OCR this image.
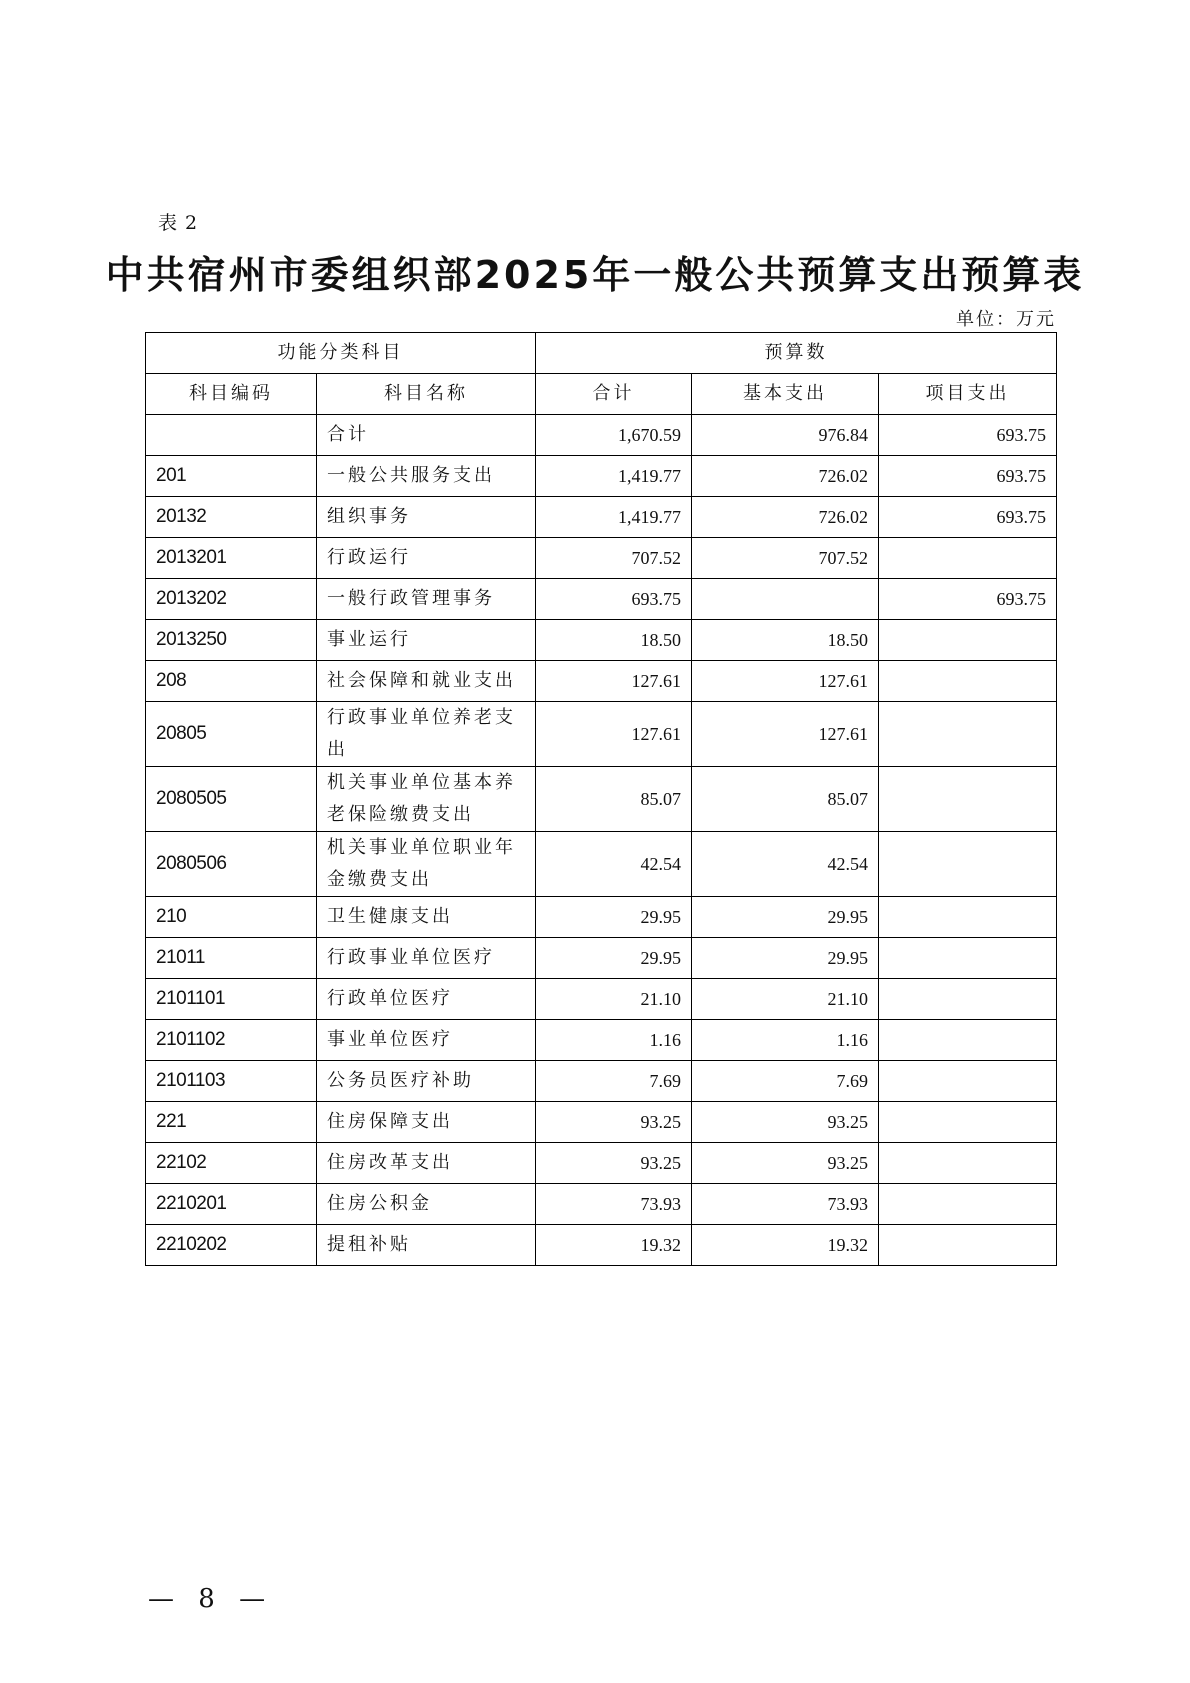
表 2
中共宿州市委组织部2025年一般公共预算支出预算表
单位：万元
功能分类科目		预算数		
科目编码	科目名称	合计	基本支出	项目支出
	合计	1,670.59	976.84	693.75
201	一般公共服务支出	1,419.77	726.02	693.75
20132	组织事务	1,419.77	726.02	693.75
2013201	行政运行	707.52	707.52	
2013202	一般行政管理事务	693.75		693.75
2013250	事业运行	18.50	18.50	
208	社会保障和就业支出	127.61	127.61	
20805	行政事业单位养老支出	127.61	127.61	
2080505	机关事业单位基本养老保险缴费支出	85.07	85.07	
2080506	机关事业单位职业年金缴费支出	42.54	42.54	
210	卫生健康支出	29.95	29.95	
21011	行政事业单位医疗	29.95	29.95	
2101101	行政单位医疗	21.10	21.10	
2101102	事业单位医疗	1.16	1.16	
2101103	公务员医疗补助	7.69	7.69	
221	住房保障支出	93.25	93.25	
22102	住房改革支出	93.25	93.25	
2210201	住房公积金	73.93	73.93	
2210202	提租补贴	19.32	19.32	
— 8 —
